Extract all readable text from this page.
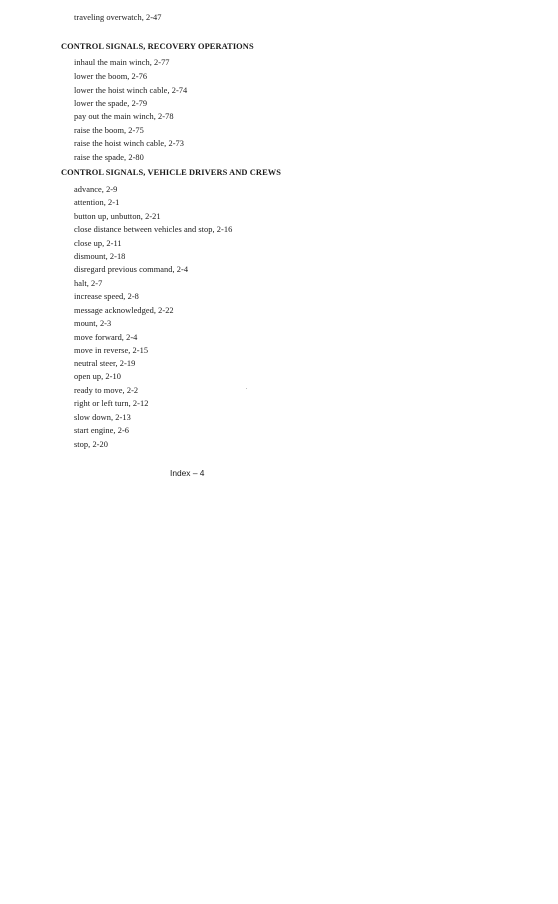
traveling overwatch, 2-47
CONTROL SIGNALS, RECOVERY OPERATIONS
inhaul the main winch, 2-77
lower the boom, 2-76
lower the hoist winch cable, 2-74
lower the spade, 2-79
pay out the main winch, 2-78
raise the boom, 2-75
raise the hoist winch cable, 2-73
raise the spade, 2-80
CONTROL SIGNALS, VEHICLE DRIVERS AND CREWS
advance, 2-9
attention, 2-1
button up, unbutton, 2-21
close distance between vehicles and stop, 2-16
close up, 2-11
dismount, 2-18
disregard previous command, 2-4
halt, 2-7
increase speed, 2-8
message acknowledged, 2-22
mount, 2-3
move forward, 2-4
move in reverse, 2-15
neutral steer, 2-19
open up, 2-10
ready to move, 2-2
right or left turn, 2-12
slow down, 2-13
start engine, 2-6
stop, 2-20
Index – 4
